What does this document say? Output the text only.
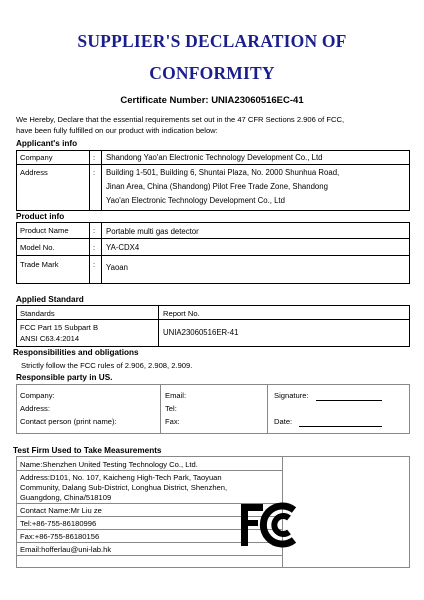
SUPPLIER'S DECLARATION OF
CONFORMITY
Certificate Number: UNIA23060516EC-41
We Hereby, Declare that the essential requirements set out in the 47 CFR Sections 2.906 of FCC,
have been fully fulfilled on our product with indication below:
Applicant's info
Company	: Shandong Yao'an Electronic Technology Development Co., Ltd
Address	: Building 1-501, Building 6, Shuntai Plaza, No. 2000 Shunhua Road,
Jinan Area, China (Shandong) Pilot Free Trade Zone, Shandong
Yao'an Electronic Technology Development Co., Ltd
Product info
Product Name	: Portable multi gas detector
Model No.	: YA-CDX4
Trade Mark	: Yaoan
Applied Standard
Standards	Report No.
FCC Part 15 Subpart B
ANSI C63.4:2014
UNIA23060516ER-41
Responsibilities and obligations
Strictly follow the FCC rules of 2.906, 2.908, 2.909.
Responsible party in US.
Company:
Address:
Contact person (print name):
Email:
Tel:
Fax:
Signature:
Date:
Test Firm Used to Take Measurements
Name:Shenzhen United Testing Technology Co., Ltd.
Address:D101, No. 107, Kaicheng High-Tech Park, Taoyuan
Community, Dalang Sub-District, Longhua District, Shenzhen,
Guangdong, China/518109
Contact Name:Mr Liu ze
Tel:+86-755-86180996
Fax:+86-755-86180156
Email:hofferlau@uni-lab.hk
